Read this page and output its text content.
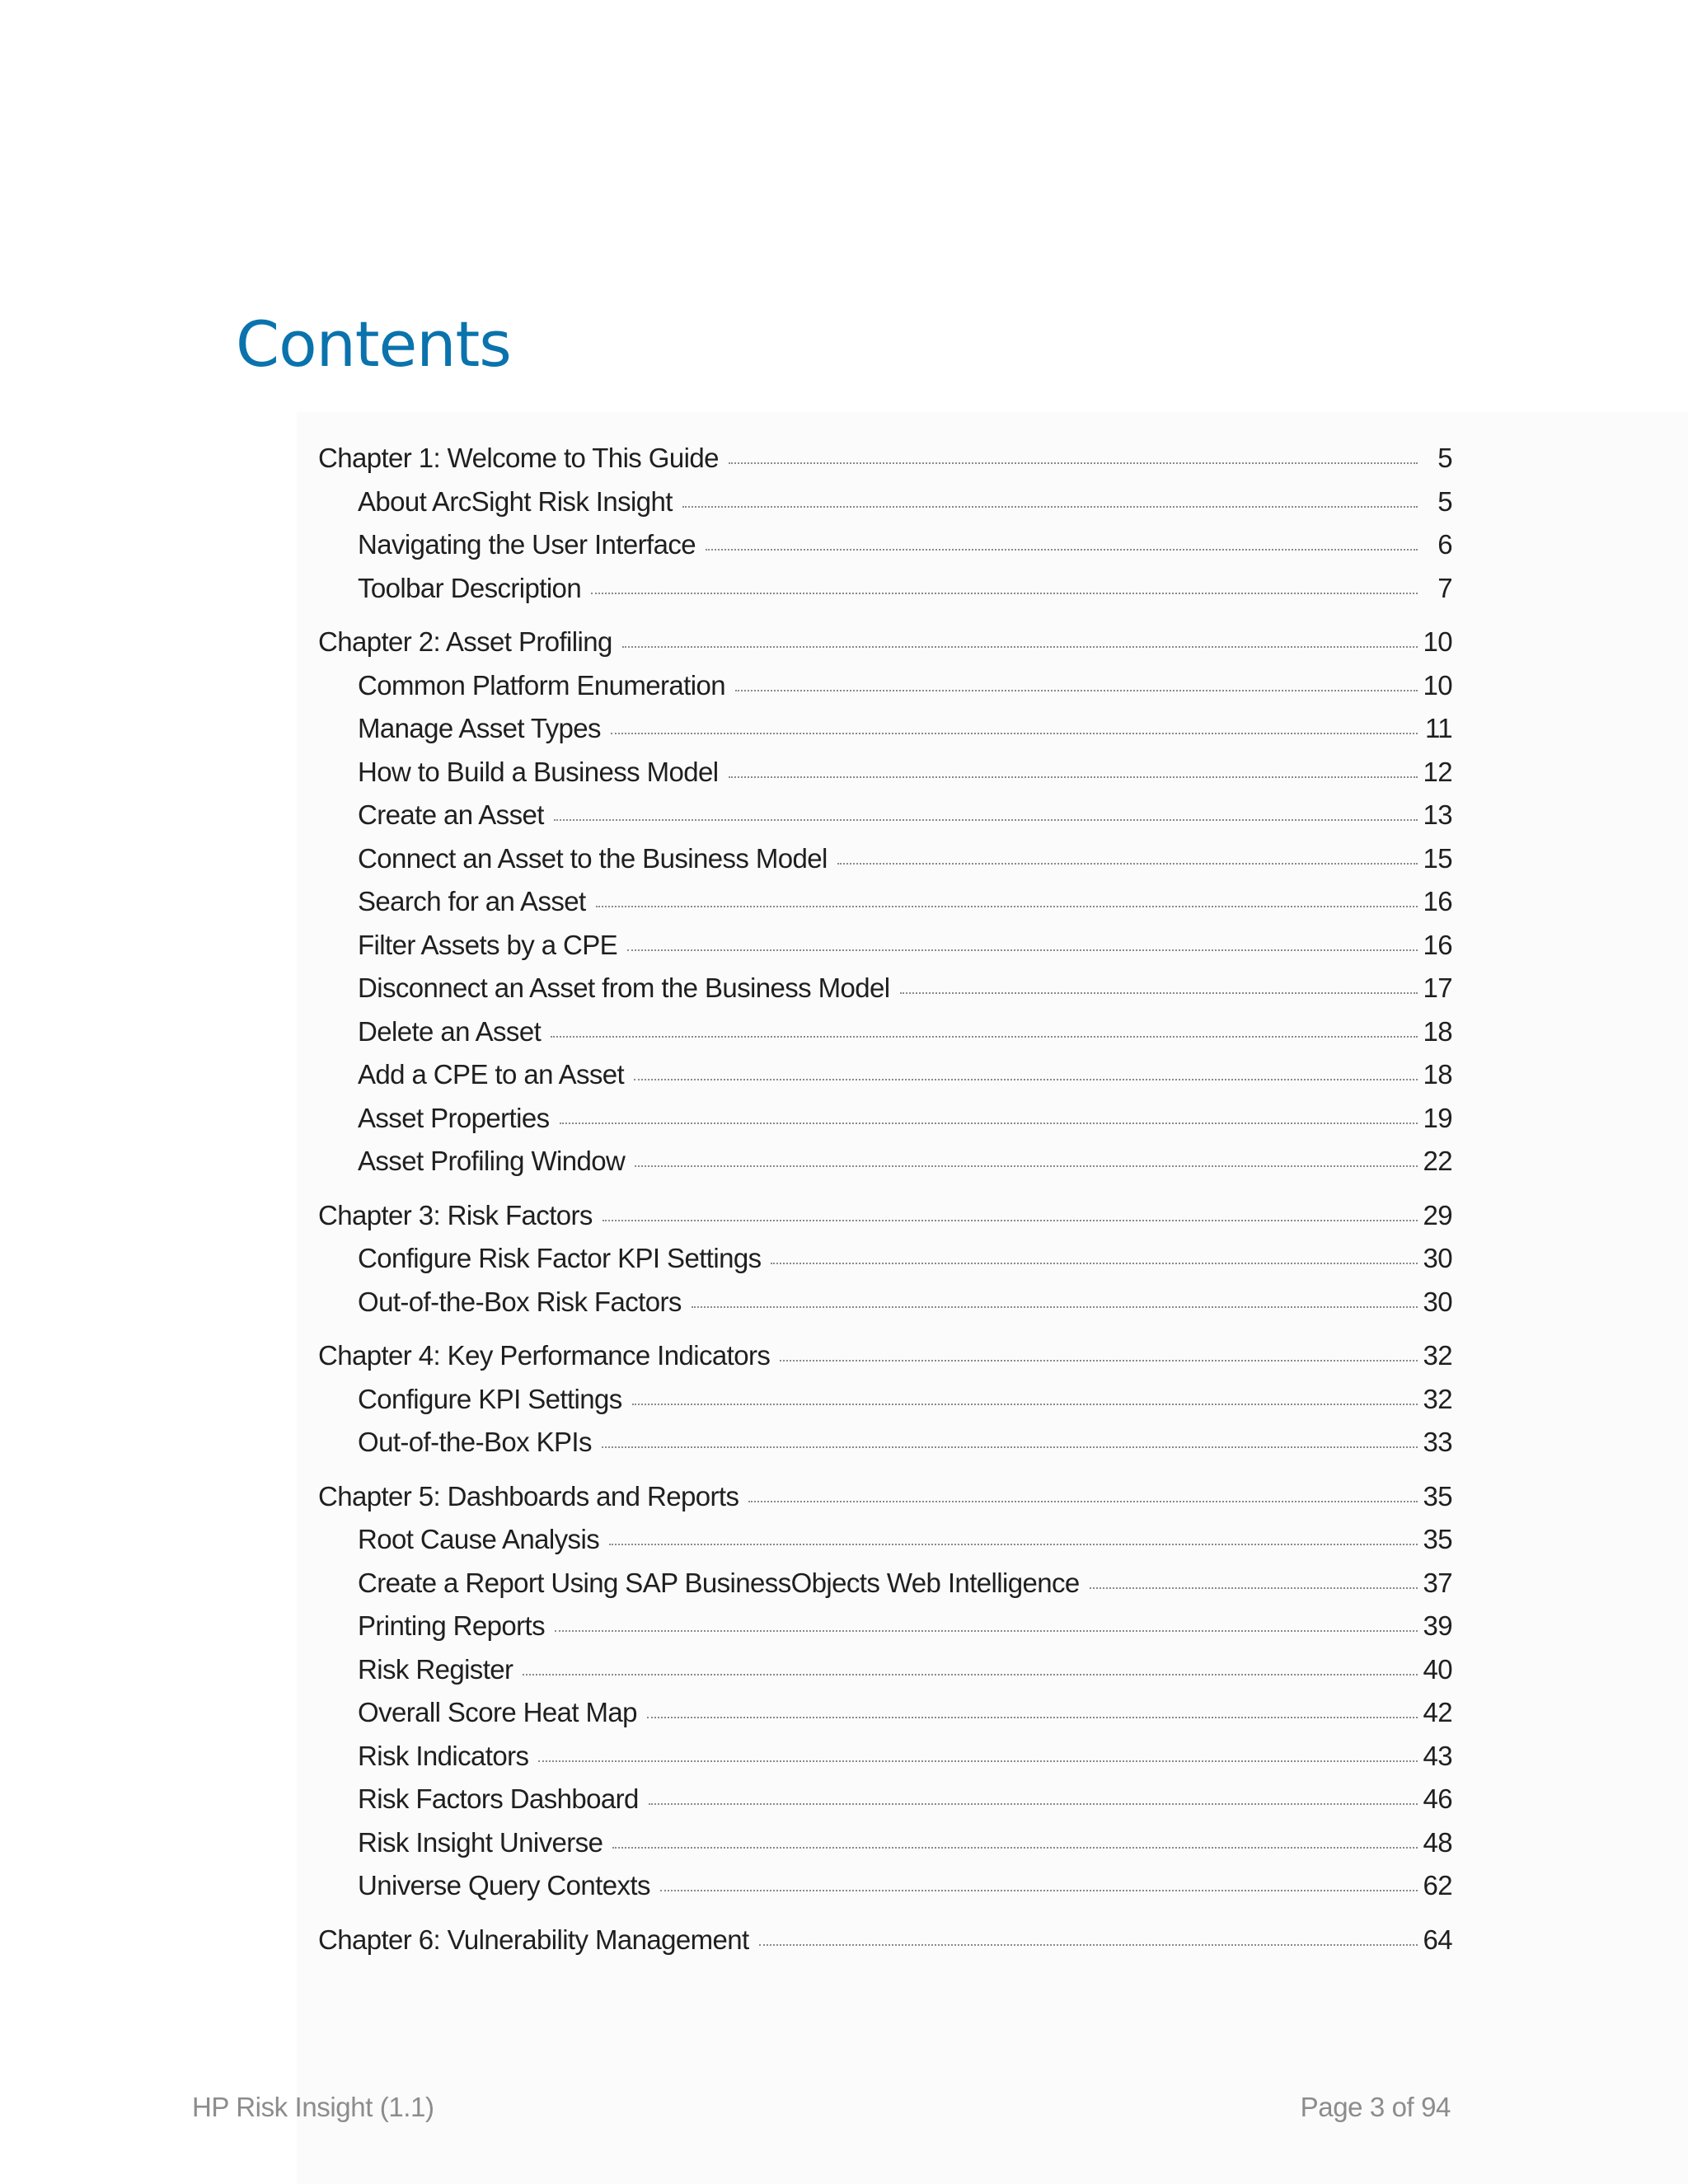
Contents
Chapter 1: Welcome to This Guide	5
About ArcSight Risk Insight	5
Navigating the User Interface	6
Toolbar Description	7
Chapter 2: Asset Profiling	10
Common Platform Enumeration	10
Manage Asset Types	11
How to Build a Business Model	12
Create an Asset	13
Connect an Asset to the Business Model	15
Search for an Asset	16
Filter Assets by a CPE	16
Disconnect an Asset from the Business Model	17
Delete an Asset	18
Add a CPE to an Asset	18
Asset Properties	19
Asset Profiling Window	22
Chapter 3: Risk Factors	29
Configure Risk Factor KPI Settings	30
Out-of-the-Box Risk Factors	30
Chapter 4: Key Performance Indicators	32
Configure KPI Settings	32
Out-of-the-Box KPIs	33
Chapter 5: Dashboards and Reports	35
Root Cause Analysis	35
Create a Report Using SAP BusinessObjects Web Intelligence	37
Printing Reports	39
Risk Register	40
Overall Score Heat Map	42
Risk Indicators	43
Risk Factors Dashboard	46
Risk Insight Universe	48
Universe Query Contexts	62
Chapter 6: Vulnerability Management	64
HP Risk Insight (1.1)	Page 3 of 94
